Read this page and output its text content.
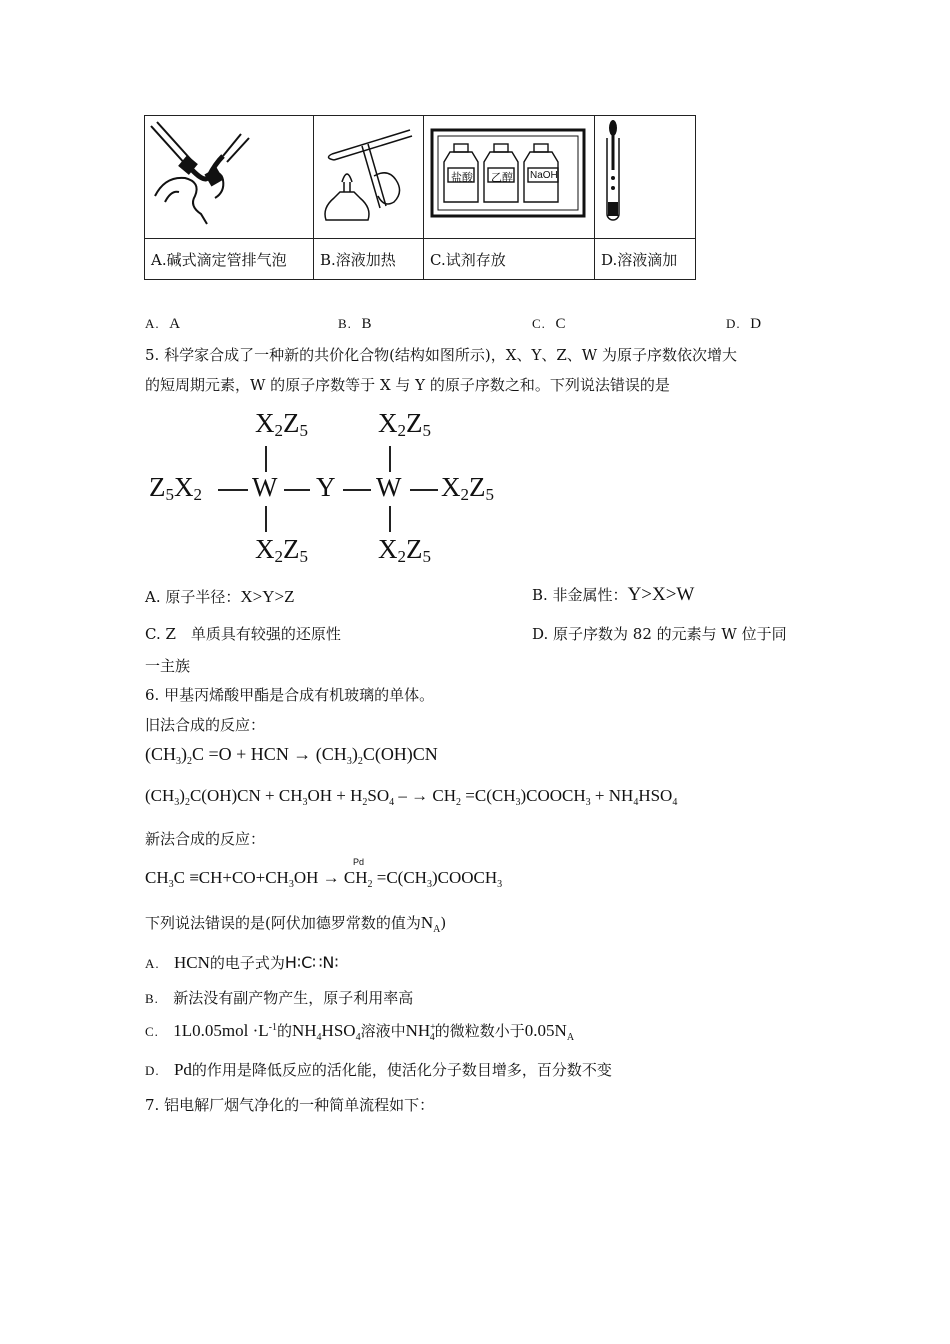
盐酸 乙醇 NaOH

A.碱式滴定管排气泡	B.溶液加热	C.试剂存放	D.溶液滴加
A. A	B. B	C. C	D. D
5. 科学家合成了一种新的共价化合物(结构如图所示)，X、Y、Z、W 为原子序数依次增大
的短周期元素，W 的原子序数等于 X 与 Y 的原子序数之和。下列说法错误的是
$X_2Z_5$	$X_2Z_5$
$Z_5X_2$ W Y W $X_2Z_5$
$X_2Z_5$	$X_2Z_5$
A. 原子半径：X>Y>Z	B. 非金属性：Y>X>W
C. Z　单质具有较强的还原性	D. 原子序数为 82 的元素与 W 位于同
一主族
6. 甲基丙烯酸甲酯是合成有机玻璃的单体。
旧法合成的反应：
$(CH_3)_2C =O$ + HCN → $(CH_3)_2C(OH)CN$
$(CH_3)_2C(OH)CN + CH_3OH + H_2SO_4$ – → $CH_2$ $=C(CH_3)COOCH_3 + NH_4HSO_4$
新法合成的反应：
Pd
$CH_3C \equiv CH+CO+CH_3OH \to CH_2$ $=C(CH_3)COOCH_3$
下列说法错误的是(阿伏加德罗常数的值为$N_A$)
A. HCN的电子式为H∶C∷N∶
B. 新法没有副产物产生，原子利用率高
C. $1L0.05mol \cdot L^{-1}$的$NH_4HSO_4$溶液中$NH^+_4$的微粒数小于$0.05N_A$
D. Pd的作用是降低反应的活化能，使活化分子数目增多，百分数不变
7. 铝电解厂烟气净化的一种简单流程如下：
